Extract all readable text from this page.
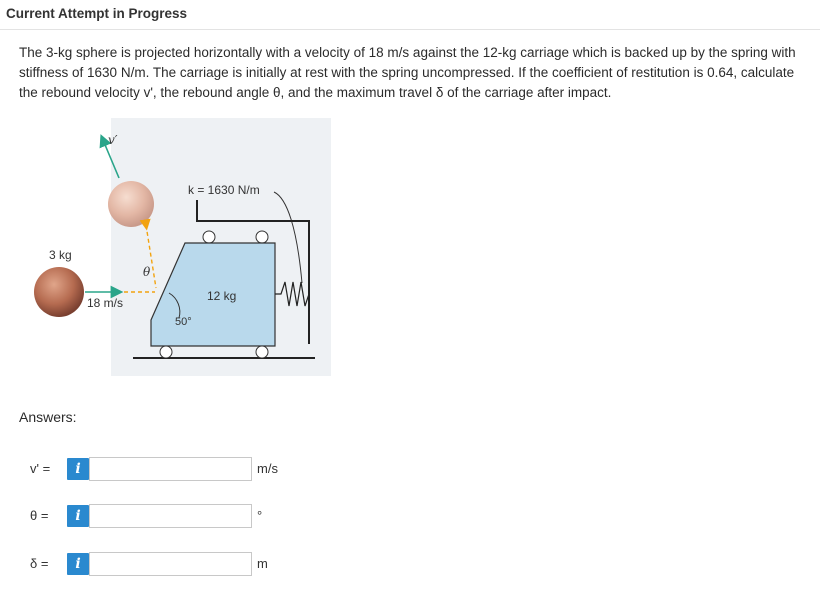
Current Attempt in Progress
The 3-kg sphere is projected horizontally with a velocity of 18 m/s against the 12-kg carriage which is backed up by the spring with
stiffness of 1630 N/m. The carriage is initially at rest with the spring uncompressed. If the coefficient of restitution is 0.64, calculate
the rebound velocity v', the rebound angle θ, and the maximum travel δ of the carriage after impact.
v′
θ
k = 1630 N/m
12 kg
50°
3 kg
18 m/s
Answers:
v' =	i	m/s
θ =	i	°
δ =	i	m
